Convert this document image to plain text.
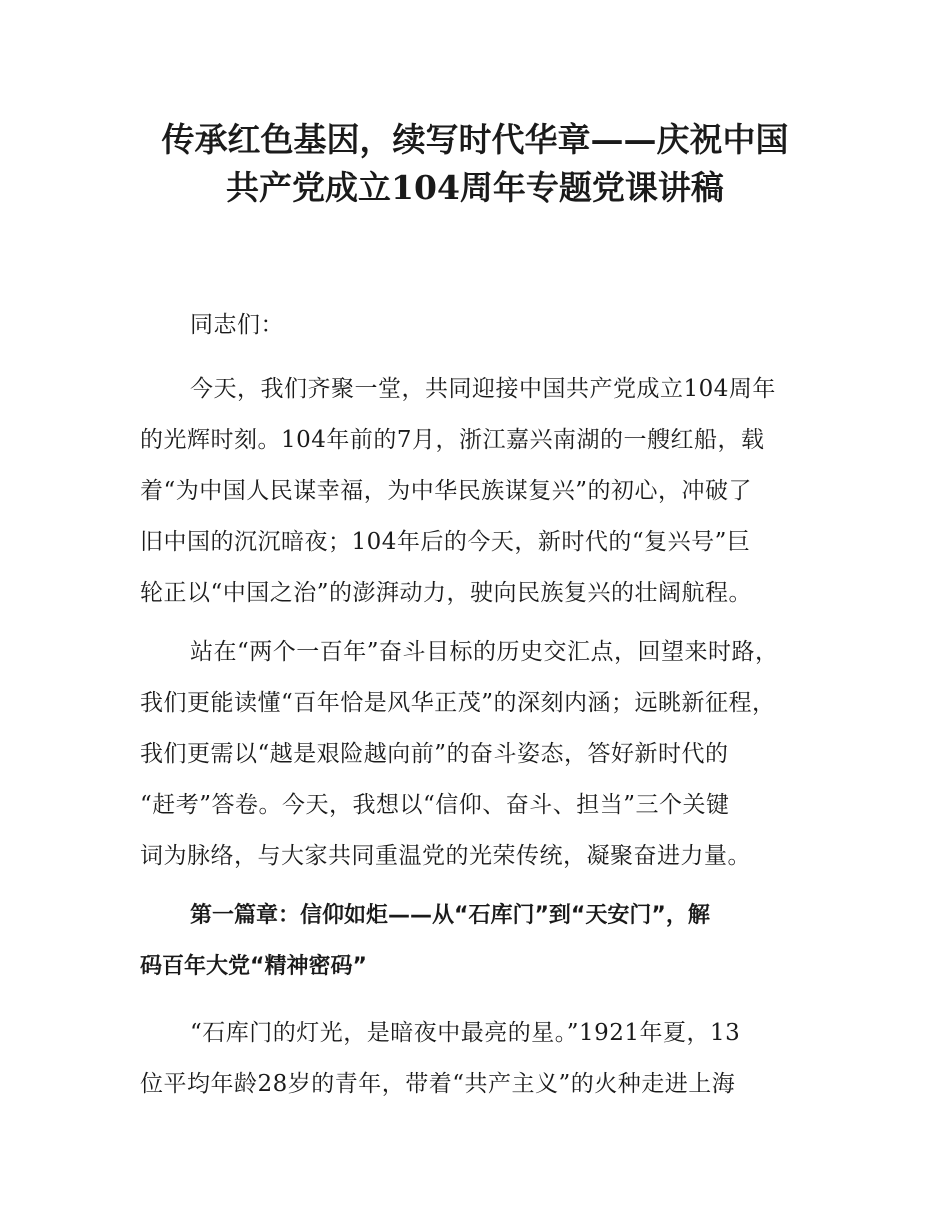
传承红色基因，续写时代华章——庆祝中国
共产党成立104周年专题党课讲稿

同志们：

今天，我们齐聚一堂，共同迎接中国共产党成立104周年

的光辉时刻。104年前的7月，浙江嘉兴南湖的一艘红船，载

着“为中国人民谋幸福，为中华民族谋复兴”的初心，冲破了

旧中国的沉沉暗夜；104年后的今天，新时代的“复兴号”巨

轮正以“中国之治”的澎湃动力，驶向民族复兴的壮阔航程。

站在“两个一百年”奋斗目标的历史交汇点，回望来时路，

我们更能读懂“百年恰是风华正茂”的深刻内涵；远眺新征程，

我们更需以“越是艰险越向前”的奋斗姿态，答好新时代的

“赶考”答卷。今天，我想以“信仰、奋斗、担当”三个关键

词为脉络，与大家共同重温党的光荣传统，凝聚奋进力量。

第一篇章：信仰如炬——从“石库门”到“天安门”，解
码百年大党“精神密码”

“石库门的灯光，是暗夜中最亮的星。”1921年夏，13

位平均年龄28岁的青年，带着“共产主义”的火种走进上海
